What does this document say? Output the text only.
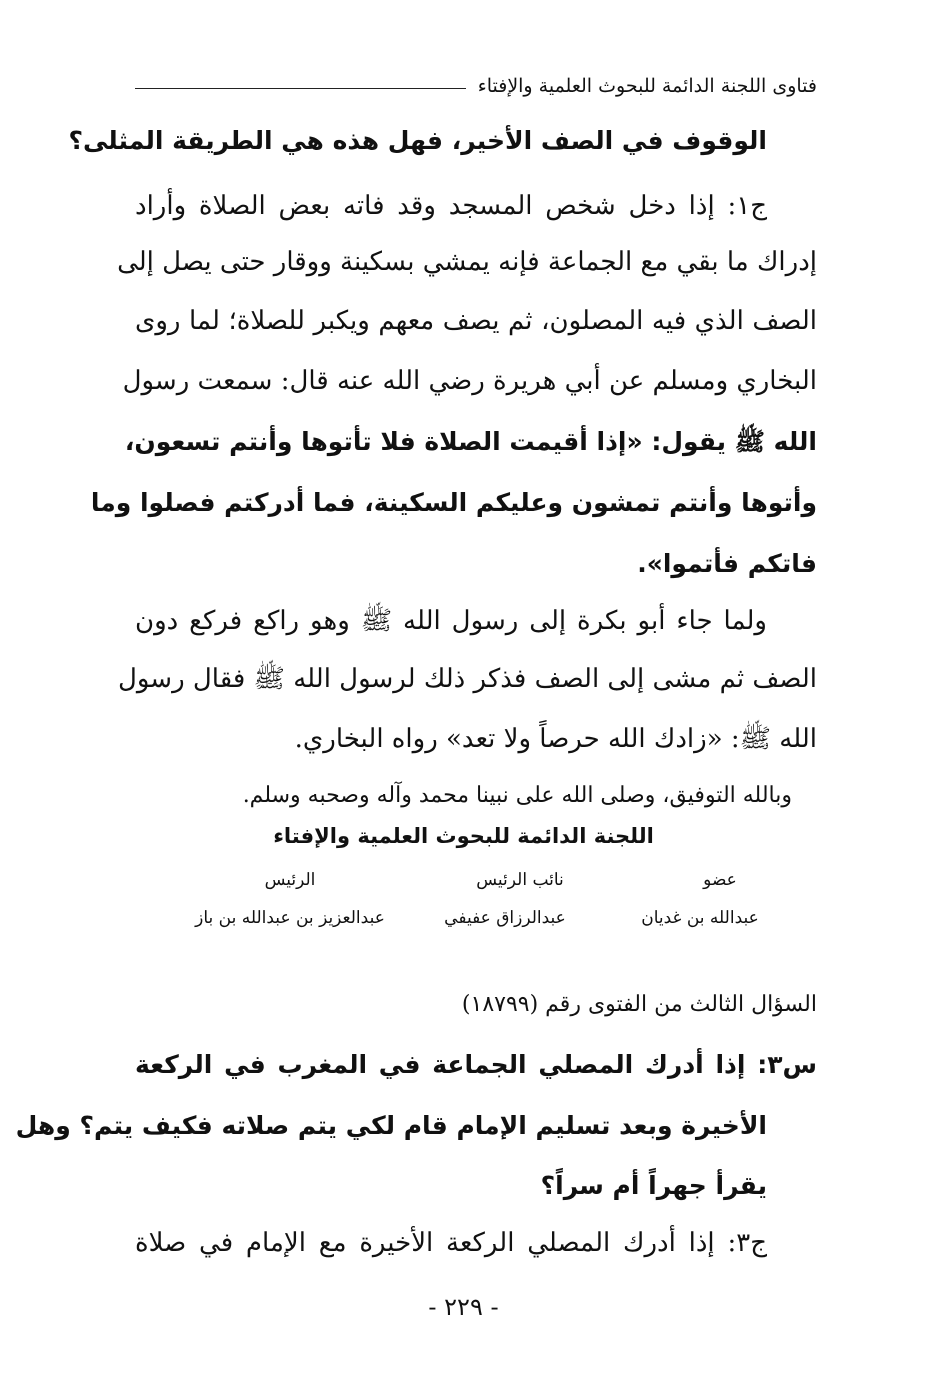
فتاوى اللجنة الدائمة للبحوث العلمية والإفتاء
الوقوف في الصف الأخير، فهل هذه هي الطريقة المثلى؟
ج١: إذا دخل شخص المسجد وقد فاته بعض الصلاة وأراد
إدراك ما بقي مع الجماعة فإنه يمشي بسكينة ووقار حتى يصل إلى
الصف الذي فيه المصلون، ثم يصف معهم ويكبر للصلاة؛ لما روى
البخاري ومسلم عن أبي هريرة رضي الله عنه قال: سمعت رسول
الله ﷺ يقول: «إذا أقيمت الصلاة فلا تأتوها وأنتم تسعون،
وأتوها وأنتم تمشون وعليكم السكينة، فما أدركتم فصلوا وما
فاتكم فأتموا».
ولما جاء أبو بكرة إلى رسول الله ﷺ وهو راكع فركع دون
الصف ثم مشى إلى الصف فذكر ذلك لرسول الله ﷺ فقال رسول
الله ﷺ: «زادك الله حرصاً ولا تعد» رواه البخاري.
وبالله التوفيق، وصلى الله على نبينا محمد وآله وصحبه وسلم.
اللجنة الدائمة للبحوث العلمية والإفتاء
عضو
عبدالله بن غديان
نائب الرئيس
عبدالرزاق عفيفي
الرئيس
عبدالعزيز بن عبدالله بن باز
السؤال الثالث من الفتوى رقم (١٨٧٩٩)
س٣: إذا أدرك المصلي الجماعة في المغرب في الركعة
الأخيرة وبعد تسليم الإمام قام لكي يتم صلاته فكيف يتم؟ وهل
يقرأ جهراً أم سراً؟
ج٣: إذا أدرك المصلي الركعة الأخيرة مع الإمام في صلاة
- ٢٢٩ -
